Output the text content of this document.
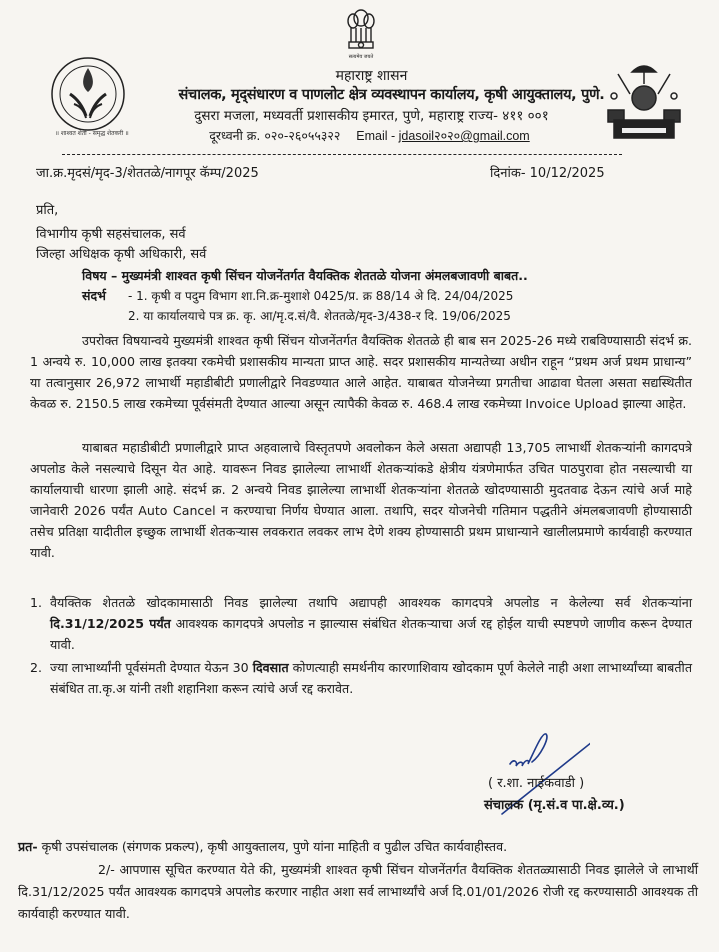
सत्यमेव जयते
॥ शाश्वत शेती - समृद्ध शेतकरी ॥
महाराष्ट्र शासन
संचालक, मृद्संधारण व पाणलोट क्षेत्र व्यवस्थापन कार्यालय, कृषी आयुक्तालय, पुणे.
दुसरा मजला, मध्यवर्ती प्रशासकीय इमारत, पुणे, महाराष्ट्र राज्य- ४११ ००१
दूरध्वनी क्र. ०२०-२६०५५३२२ Email - jdasoil२०२०@gmail.com
जा.क्र.मृदसं/मृद-3/शेततळे/नागपूर कॅम्प/2025	दिनांक- 10/12/2025
प्रति,
विभागीय कृषी सहसंचालक, सर्व
जिल्हा अधिक्षक कृषी अधिकारी, सर्व
विषय – मुख्यमंत्री शाश्वत कृषी सिंचन योजनेंतर्गत वैयक्तिक शेततळे योजना अंमलबजावणी बाबत..
संदर्भ - 1. कृषी व पदुम विभाग शा.नि.क्र-मुशाशे 0425/प्र. क्र 88/14 अे दि. 24/04/2025
2. या कार्यालयाचे पत्र क्र. कृ. आ/मृ.द.सं/वै. शेततळे/मृद-3/438-र दि. 19/06/2025
उपरोक्त विषयान्वये मुख्यमंत्री शाश्वत कृषी सिंचन योजनेंतर्गत वैयक्तिक शेततळे ही बाब सन 2025-26 मध्ये राबविण्यासाठी संदर्भ क्र. 1 अन्वये रु. 10,000 लाख इतक्या रकमेची प्रशासकीय मान्यता प्राप्त आहे. सदर प्रशासकीय मान्यतेच्या अधीन राहून “प्रथम अर्ज प्रथम प्राधान्य” या तत्वानुसार 26,972 लाभार्थी महाडीबीटी प्रणालीद्वारे निवडण्यात आले आहेत. याबाबत योजनेच्या प्रगतीचा आढावा घेतला असता सद्यस्थितीत केवळ रु. 2150.5 लाख रकमेच्या पूर्वसंमती देण्यात आल्या असून त्यापैकी केवळ रु. 468.4 लाख रकमेच्या Invoice Upload झाल्या आहेत.
याबाबत महाडीबीटी प्रणालीद्वारे प्राप्त अहवालाचे विस्तृतपणे अवलोकन केले असता अद्यापही 13,705 लाभार्थी शेतकऱ्यांनी कागदपत्रे अपलोड केले नसल्याचे दिसून येत आहे. यावरून निवड झालेल्या लाभार्थी शेतकऱ्यांकडे क्षेत्रीय यंत्रणेमार्फत उचित पाठपुरावा होत नसल्याची या कार्यालयाची धारणा झाली आहे. संदर्भ क्र. 2 अन्वये निवड झालेल्या लाभार्थी शेतकऱ्यांना शेततळे खोदण्यासाठी मुदतवाढ देऊन त्यांचे अर्ज माहे जानेवारी 2026 पर्यंत Auto Cancel न करण्याचा निर्णय घेण्यात आला. तथापि, सदर योजनेची गतिमान पद्धतीने अंमलबजावणी होण्यासाठी तसेच प्रतिक्षा यादीतील इच्छुक लाभार्थी शेतकऱ्यास लवकरात लवकर लाभ देणे शक्य होण्यासाठी प्रथम प्राधान्याने खालीलप्रमाणे कार्यवाही करण्यात यावी.
1. वैयक्तिक शेततळे खोदकामासाठी निवड झालेल्या तथापि अद्यापही आवश्यक कागदपत्रे अपलोड न केलेल्या सर्व शेतकऱ्यांना दि.31/12/2025 पर्यंत आवश्यक कागदपत्रे अपलोड न झाल्यास संबंधित शेतकऱ्याचा अर्ज रद्द होईल याची स्पष्टपणे जाणीव करून देण्यात यावी.
2. ज्या लाभार्थ्यांनी पूर्वसंमती देण्यात येऊन 30 दिवसात कोणत्याही समर्थनीय कारणाशिवाय खोदकाम पूर्ण केलेले नाही अशा लाभार्थ्यांच्या बाबतीत संबंधित ता.कृ.अ यांनी तशी शहानिशा करून त्यांचे अर्ज रद्द करावेत.
( र.शा. नाईकवाडी )
संचालक (मृ.सं.व पा.क्षे.व्य.)
प्रत- कृषी उपसंचालक (संगणक प्रकल्प), कृषी आयुक्तालय, पुणे यांना माहिती व पुढील उचित कार्यवाहीस्तव.
2/- आपणास सूचित करण्यात येते की, मुख्यमंत्री शाश्वत कृषी सिंचन योजनेंतर्गत वैयक्तिक शेततळ्यासाठी निवड झालेले जे लाभार्थी दि.31/12/2025 पर्यंत आवश्यक कागदपत्रे अपलोड करणार नाहीत अशा सर्व लाभार्थ्यांचे अर्ज दि.01/01/2026 रोजी रद्द करण्यासाठी आवश्यक ती कार्यवाही करण्यात यावी.
